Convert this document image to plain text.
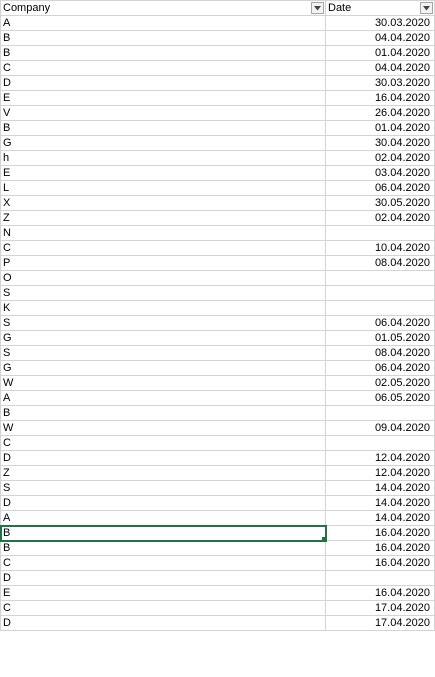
Company	Date

A	30.03.2020
B	04.04.2020
B	01.04.2020
C	04.04.2020
D	30.03.2020
E	16.04.2020
V	26.04.2020
B	01.04.2020
G	30.04.2020
h	02.04.2020
E	03.04.2020
L	06.04.2020
X	30.05.2020
Z	02.04.2020
N	
C	10.04.2020
P	08.04.2020
O	
S	
K	
S	06.04.2020
G	01.05.2020
S	08.04.2020
G	06.04.2020
W	02.05.2020
A	06.05.2020
B	
W	09.04.2020
C	
D	12.04.2020
Z	12.04.2020
S	14.04.2020
D	14.04.2020
A	14.04.2020
B	16.04.2020
B	16.04.2020
C	16.04.2020
D	
E	16.04.2020
C	17.04.2020
D	17.04.2020
